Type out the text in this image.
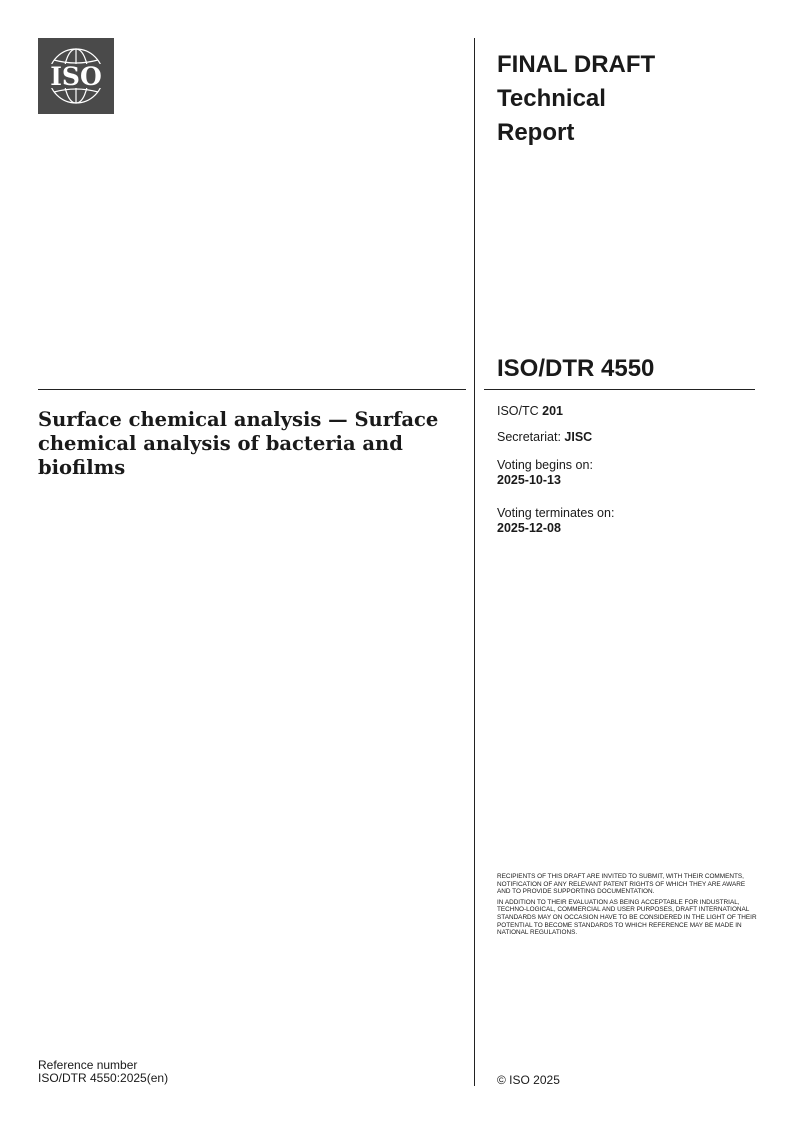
ISO	FINAL DRAFT
Technical
Report
ISO/DTR 4550
Surface chemical analysis — Surface chemical analysis of bacteria and biofilms
ISO/TC 201
Secretariat: JISC
Voting begins on:
2025-10-13
Voting terminates on:
2025-12-08

RECIPIENTS OF THIS DRAFT ARE INVITED TO SUBMIT, WITH THEIR COMMENTS, NOTIFICATION OF ANY RELEVANT PATENT RIGHTS OF WHICH THEY ARE AWARE AND TO PROVIDE SUPPORTING DOCUMENTATION.

IN ADDITION TO THEIR EVALUATION AS BEING ACCEPTABLE FOR INDUSTRIAL, TECHNO-LOGICAL, COMMERCIAL AND USER PURPOSES, DRAFT INTERNATIONAL STANDARDS MAY ON OCCASION HAVE TO BE CONSIDERED IN THE LIGHT OF THEIR POTENTIAL TO BECOME STANDARDS TO WHICH REFERENCE MAY BE MADE IN NATIONAL REGULATIONS.

Reference number
ISO/DTR 4550:2025(en)	© ISO 2025
